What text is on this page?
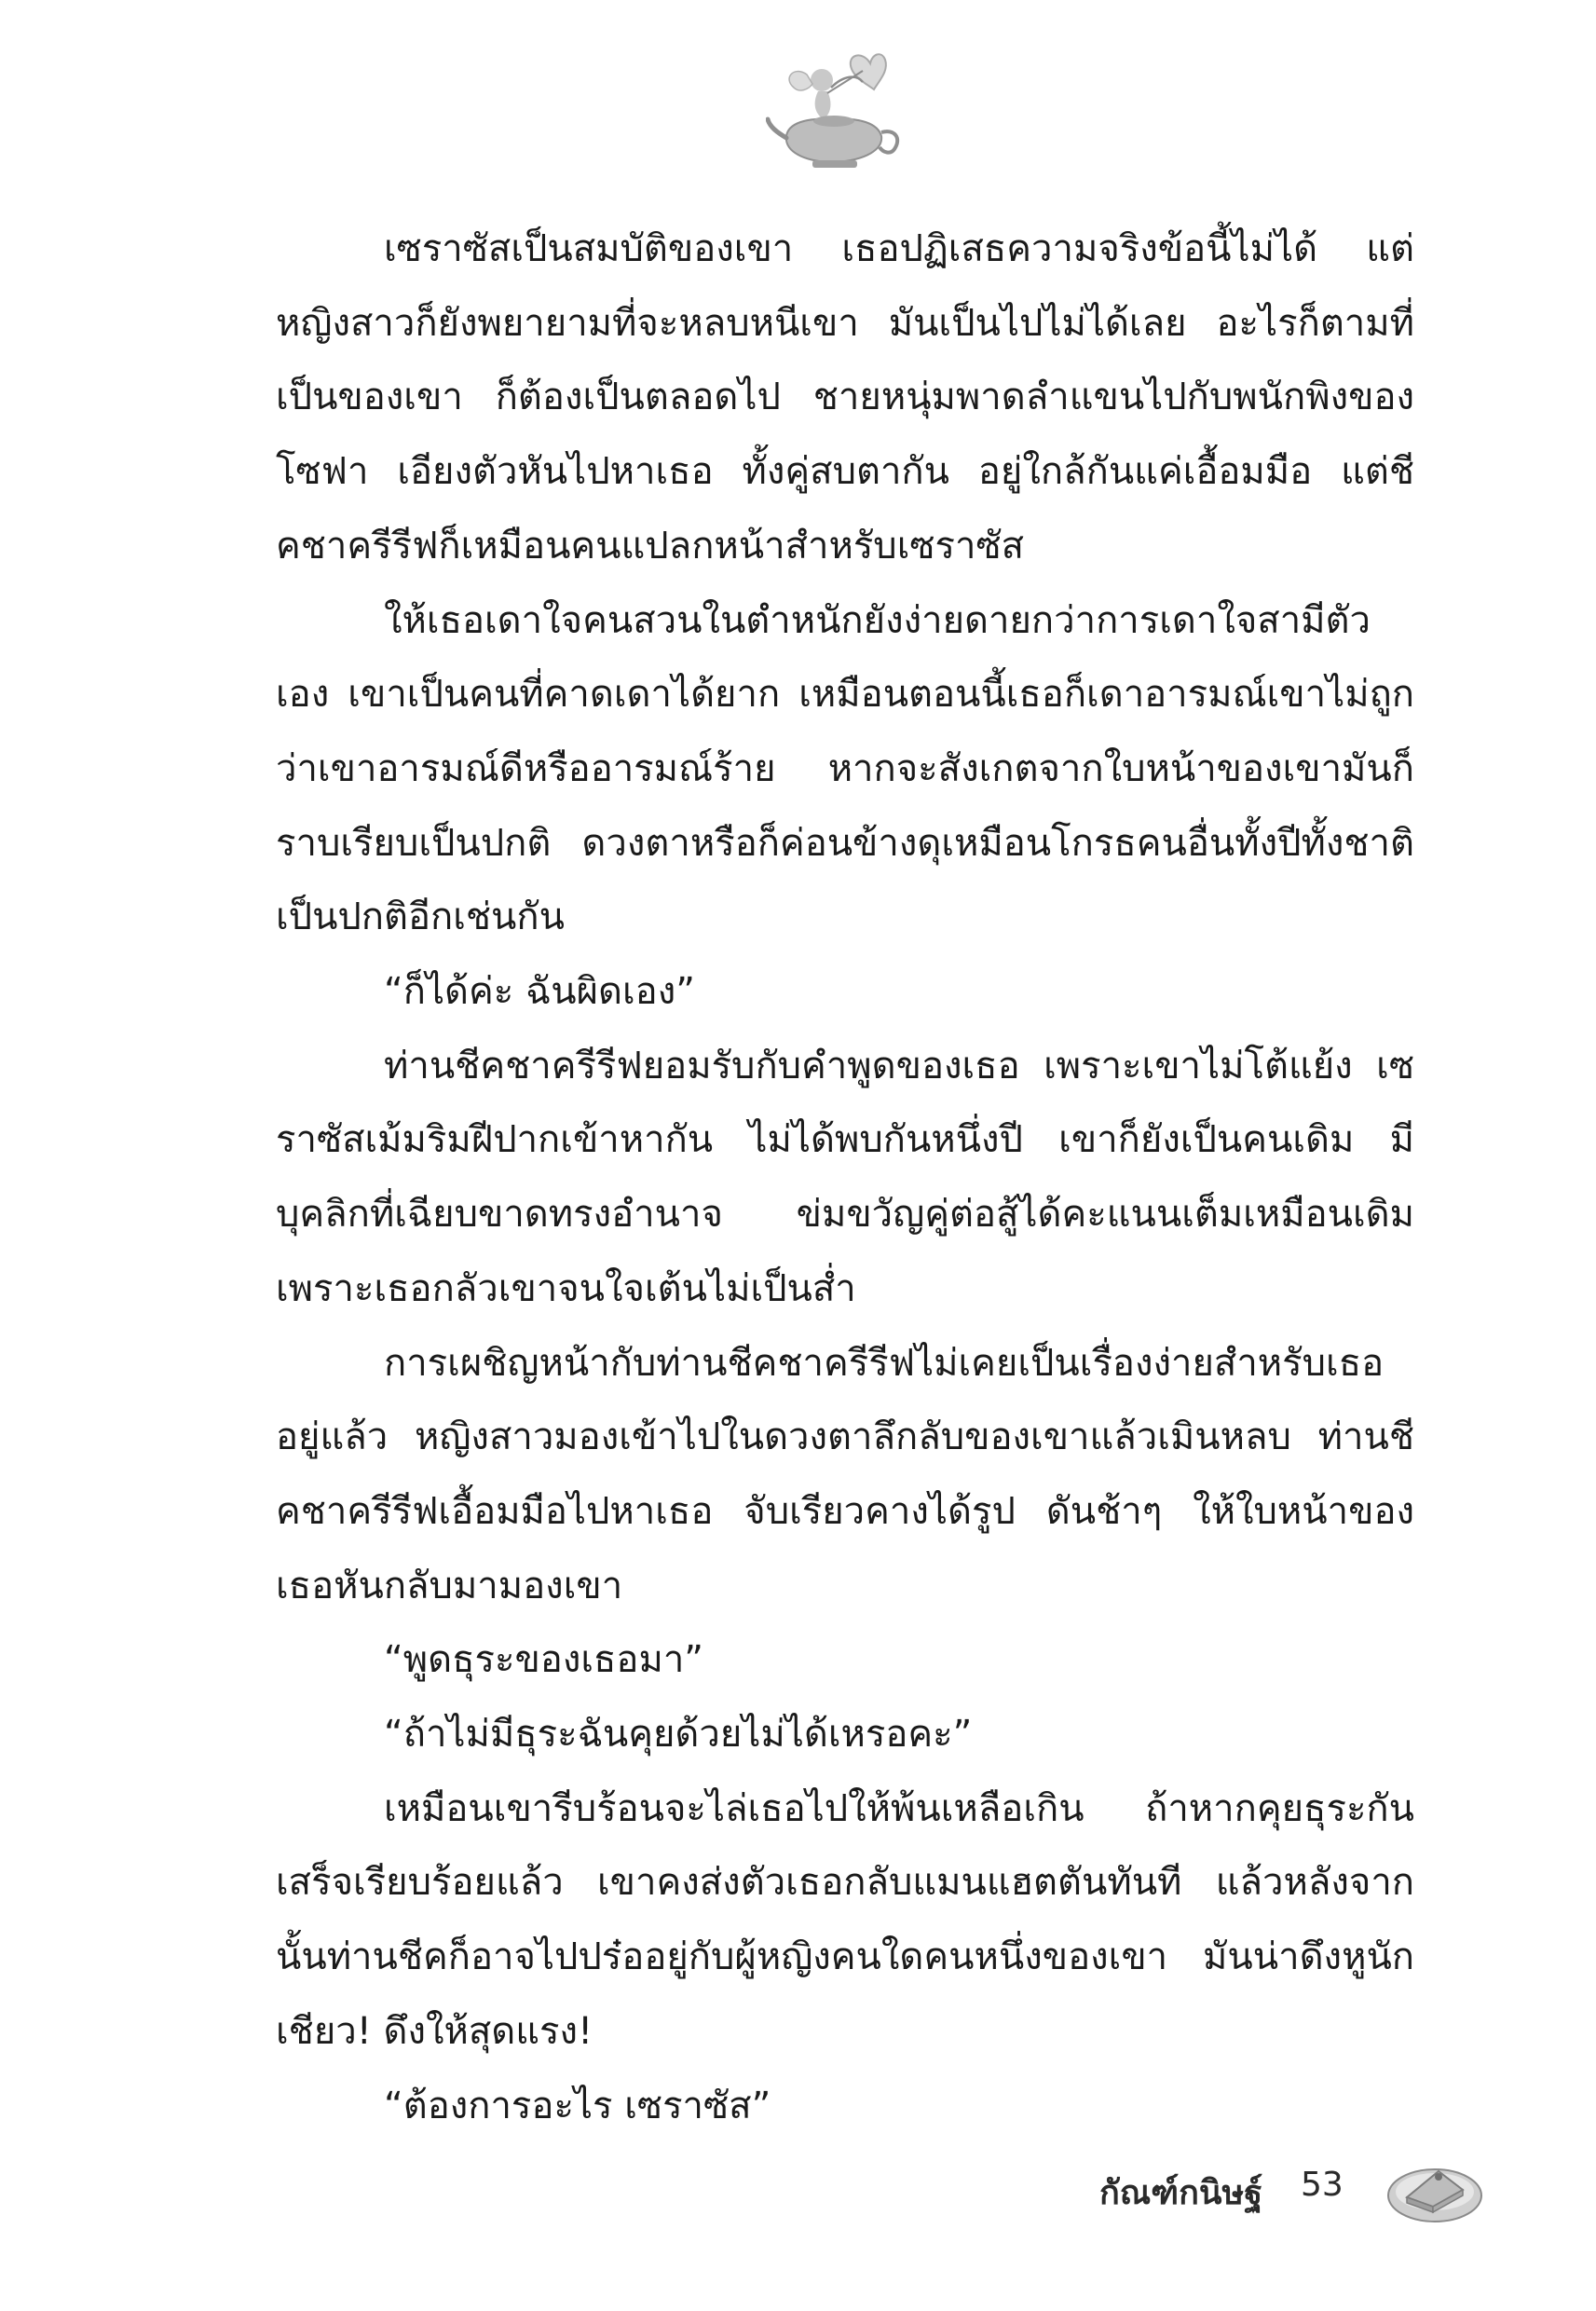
เซราซัสเป็นสมบัติของเขา เธอปฏิเสธความจริงข้อนี้ไม่ได้ แต่หญิงสาวก็ยังพยายามที่จะหลบหนีเขา มันเป็นไปไม่ได้เลย อะไรก็ตามที่เป็นของเขา ก็ต้องเป็นตลอดไป ชายหนุ่มพาดลำแขนไปกับพนักพิงของโซฟา เอียงตัวหันไปหาเธอ ทั้งคู่สบตากัน อยู่ใกล้กันแค่เอื้อมมือ แต่ชีคชาครีรีฟก็เหมือนคนแปลกหน้าสำหรับเซราซัส

ให้เธอเดาใจคนสวนในตำหนักยังง่ายดายกว่าการเดาใจสามีตัวเอง เขาเป็นคนที่คาดเดาได้ยาก เหมือนตอนนี้เธอก็เดาอารมณ์เขาไม่ถูก ว่าเขาอารมณ์ดีหรืออารมณ์ร้าย หากจะสังเกตจากใบหน้าของเขามันก็ราบเรียบเป็นปกติ ดวงตาหรือก็ค่อนข้างดุเหมือนโกรธคนอื่นทั้งปีทั้งชาติเป็นปกติอีกเช่นกัน

“ก็ได้ค่ะ ฉันผิดเอง”

ท่านชีคชาครีรีฟยอมรับกับคำพูดของเธอ เพราะเขาไม่โต้แย้ง เซราซัสเม้มริมฝีปากเข้าหากัน ไม่ได้พบกันหนึ่งปี เขาก็ยังเป็นคนเดิม มีบุคลิกที่เฉียบขาดทรงอำนาจ ข่มขวัญคู่ต่อสู้ได้คะแนนเต็มเหมือนเดิม เพราะเธอกลัวเขาจนใจเต้นไม่เป็นส่ำ

การเผชิญหน้ากับท่านชีคชาครีรีฟไม่เคยเป็นเรื่องง่ายสำหรับเธออยู่แล้ว หญิงสาวมองเข้าไปในดวงตาลึกลับของเขาแล้วเมินหลบ ท่านชีคชาครีรีฟเอื้อมมือไปหาเธอ จับเรียวคางได้รูป ดันช้าๆ ให้ใบหน้าของเธอหันกลับมามองเขา

“พูดธุระของเธอมา”

“ถ้าไม่มีธุระฉันคุยด้วยไม่ได้เหรอคะ”

เหมือนเขารีบร้อนจะไล่เธอไปให้พ้นเหลือเกิน ถ้าหากคุยธุระกันเสร็จเรียบร้อยแล้ว เขาคงส่งตัวเธอกลับแมนแฮตตันทันที แล้วหลังจากนั้นท่านชีคก็อาจไปปร๋ออยู่กับผู้หญิงคนใดคนหนึ่งของเขา มันน่าดึงหูนักเชียว! ดึงให้สุดแรง!

“ต้องการอะไร เซราซัส”

กัณฑ์กนิษฐ์ 53
